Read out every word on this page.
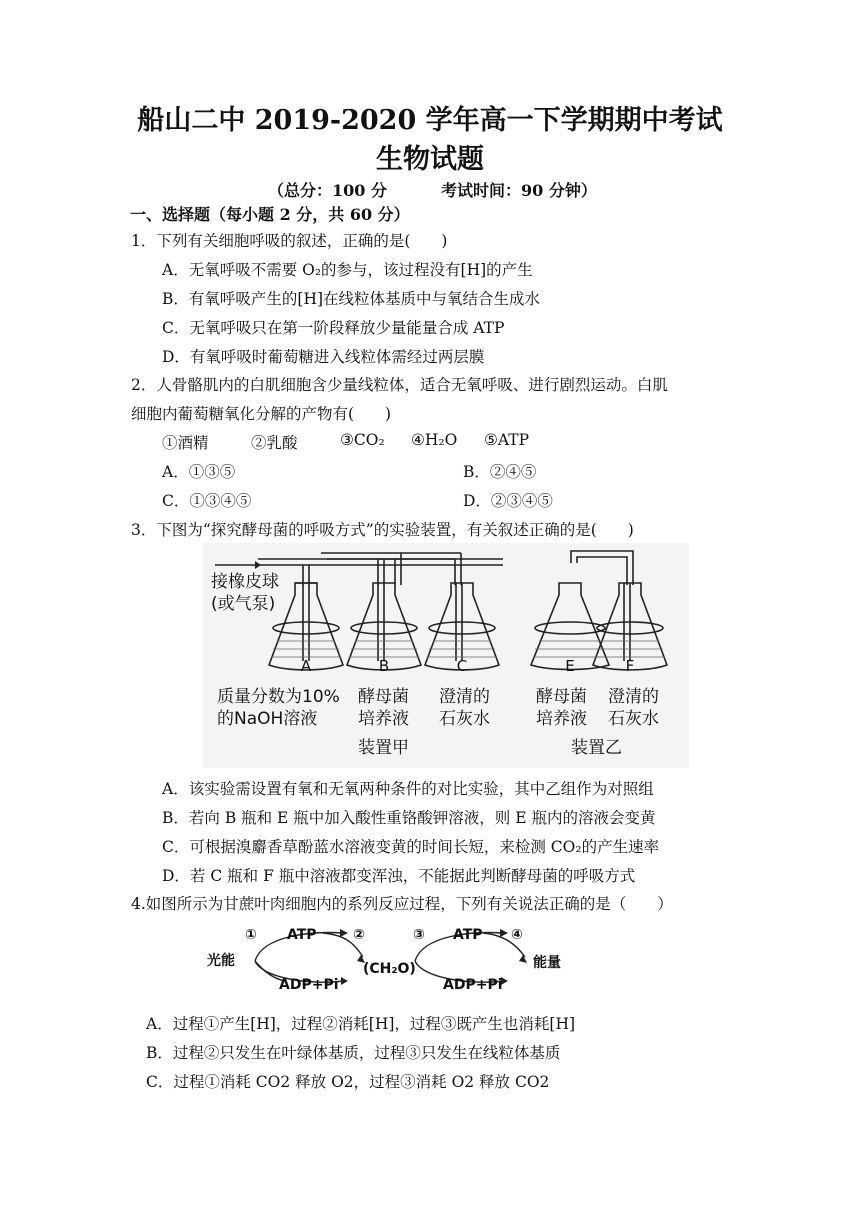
船山二中 2019-2020 学年高一下学期期中考试
生物试题
（总分：100 分	考试时间：90 分钟）
一、选择题（每小题 2 分，共 60 分）
1．下列有关细胞呼吸的叙述，正确的是(　　)
A．无氧呼吸不需要 O₂的参与，该过程没有[H]的产生
B．有氧呼吸产生的[H]在线粒体基质中与氧结合生成水
C．无氧呼吸只在第一阶段释放少量能量合成 ATP
D．有氧呼吸时葡萄糖进入线粒体需经过两层膜
2．人骨骼肌内的白肌细胞含少量线粒体，适合无氧呼吸、进行剧烈运动。白肌
细胞内葡萄糖氧化分解的产物有(　　)
①酒精	②乳酸	③CO₂ ④H₂O ⑤ATP
A．①③⑤	B．②④⑤
C．①③④⑤	D．②③④⑤
3．下图为“探究酵母菌的呼吸方式”的实验装置，有关叙述正确的是(　　)
A	B	C	E	F
接橡皮球
(或气泵)
质量分数为10%
的NaOH溶液
酵母菌
培养液
澄清的
石灰水
酵母菌
培养液
澄清的
石灰水
装置甲	装置乙
A．该实验需设置有氧和无氧两种条件的对比实验，其中乙组作为对照组
B．若向 B 瓶和 E 瓶中加入酸性重铬酸钾溶液，则 E 瓶内的溶液会变黄
C．可根据溴麝香草酚蓝水溶液变黄的时间长短，来检测 CO₂的产生速率
D．若 C 瓶和 F 瓶中溶液都变浑浊，不能据此判断酵母菌的呼吸方式
4.如图所示为甘蔗叶肉细胞内的系列反应过程，下列有关说法正确的是（　　）
光能
① ATP	②
(CH₂O)
ADP+Pi
③ ATP ④
ADP+Pi
能量
A．过程①产生[H]，过程②消耗[H]，过程③既产生也消耗[H]
B．过程②只发生在叶绿体基质，过程③只发生在线粒体基质
C．过程①消耗 CO2 释放 O2，过程③消耗 O2 释放 CO2
